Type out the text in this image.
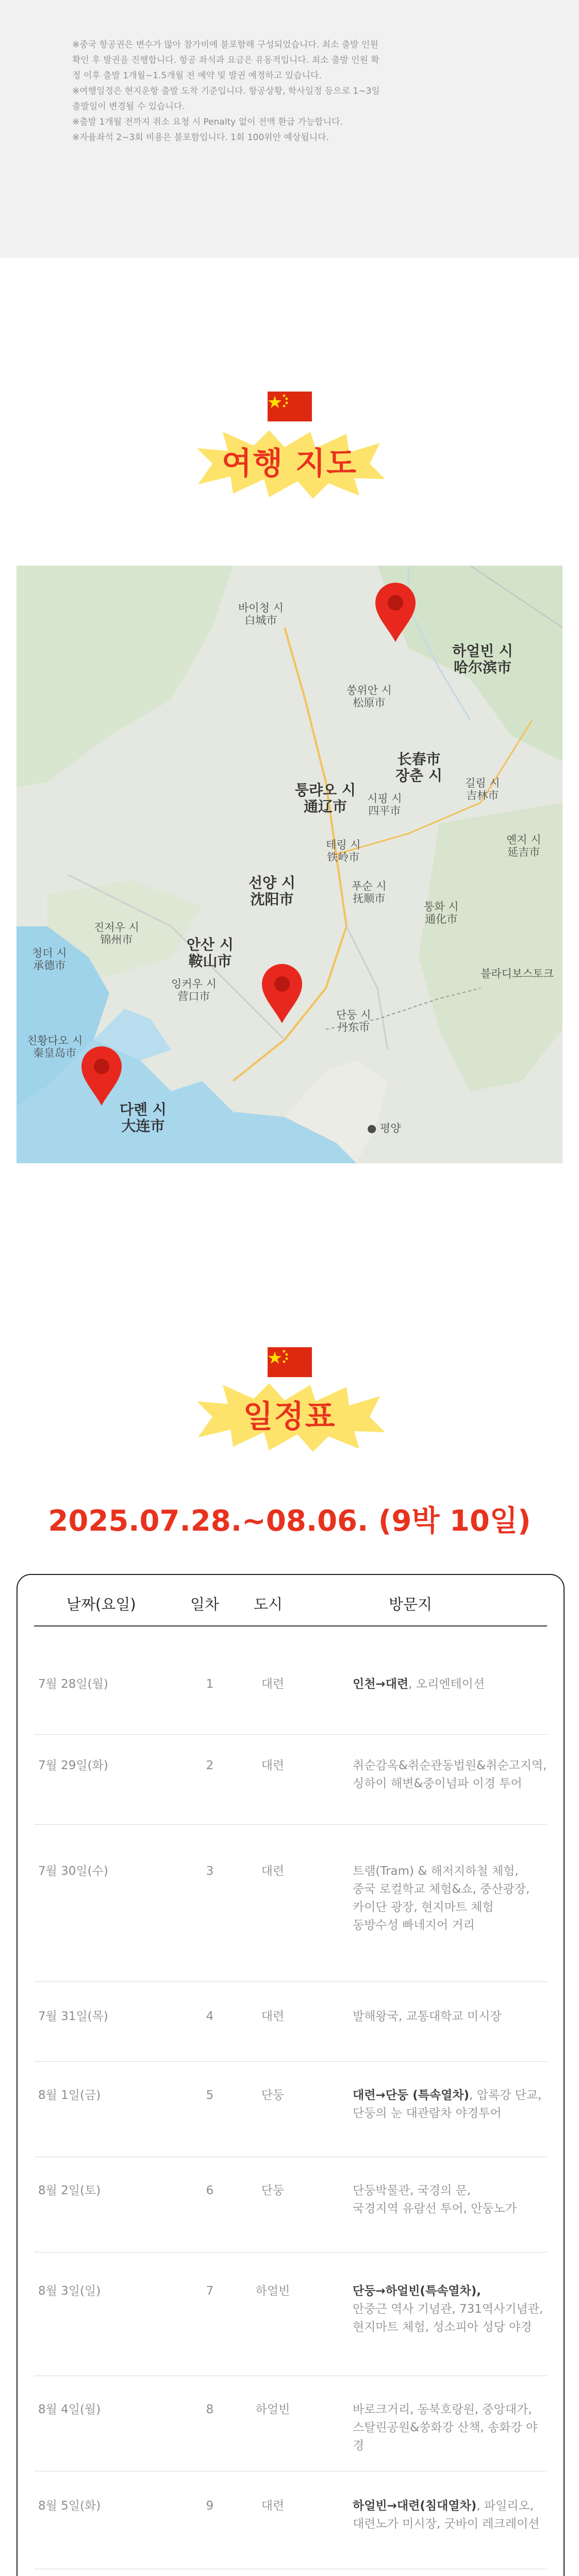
※중국 항공권은 변수가 많아 참가비에 불포함해 구성되었습니다. 최소 출발 인원

확인 후 발권을 진행합니다. 항공 좌석과 요금은 유동적입니다. 최소 출발 인원 확

정 이후 출발 1개월~1.5개월 전 예약 및 발권 예정하고 있습니다.

※여행일정은 현지운항 출발 도착 기준입니다. 항공상황, 학사일정 등으로 1~3일

출발일이 변경될 수 있습니다.

※출발 1개월 전까지 취소 요청 시 Penalty 없이 전액 환급 가능합니다.

※자율좌석 2~3회 비용은 불포함입니다. 1회 100위안 예상됩니다.

여행 지도
하얼빈 시
哈尔滨市
长春市
장춘 시 길림 시
吉林市
시핑 시
四平市
바이청 시
白城市
쑹위안 시
松原市
퉁랴오 시
通辽市
테링 시
铁岭市
선양 시
沈阳市
푸순 시
抚顺市
퉁화 시
通化市
옌지 시
延吉市
안산 시
鞍山市
잉커우 시
营口市
단둥 시
丹东市
진저우 시
锦州市
청더 시
承德市
친황다오 시
秦皇岛市
다롄 시
大连市	● 평양
블라디보스토크
일정표
2025.07.28.~08.06. (9박 10일)
날짜(요일)	일차 도시	방문지
7월 28일(월)	1	대련	인천→대련, 오리엔테이션
7월 29일(화)	2	대련	취순감옥&취순관동법원&취순고지역,
싱하이 해변&중이넘파 이경 투어
7월 30일(수)	3	대련	트램(Tram) & 해저지하철 체험,
중국 로컬학교 체험&쇼, 중산광장,
카이단 광장, 현지마트 체험
동방수성 빠네지어 거리
7월 31일(목)	4	대련	발해왕국, 교통대학교 미시장
8월 1일(금)	5	단둥	대련→단둥 (특속열차), 압록강 단교,
단둥의 눈 대관람차 야경투어
8월 2일(토)	6	단둥	단둥박물관, 국경의 문,
국경지역 유람선 투어, 안둥노가
8월 3일(일)	7	하얼빈	단둥→하얼빈(특속열차),
안중근 역사 기념관, 731역사기념관,
현지마트 체험, 성소피아 성당 야경
8월 4일(월)	8	하얼빈	바로크거리, 동북호랑원, 중앙대가,
스탈린공원&쑹화강 산책, 송화강 야경
8월 5일(화)	9	대련	하얼빈→대련(침대열차), 파일리오,
대련노가 미시장, 굿바이 레크레이션
